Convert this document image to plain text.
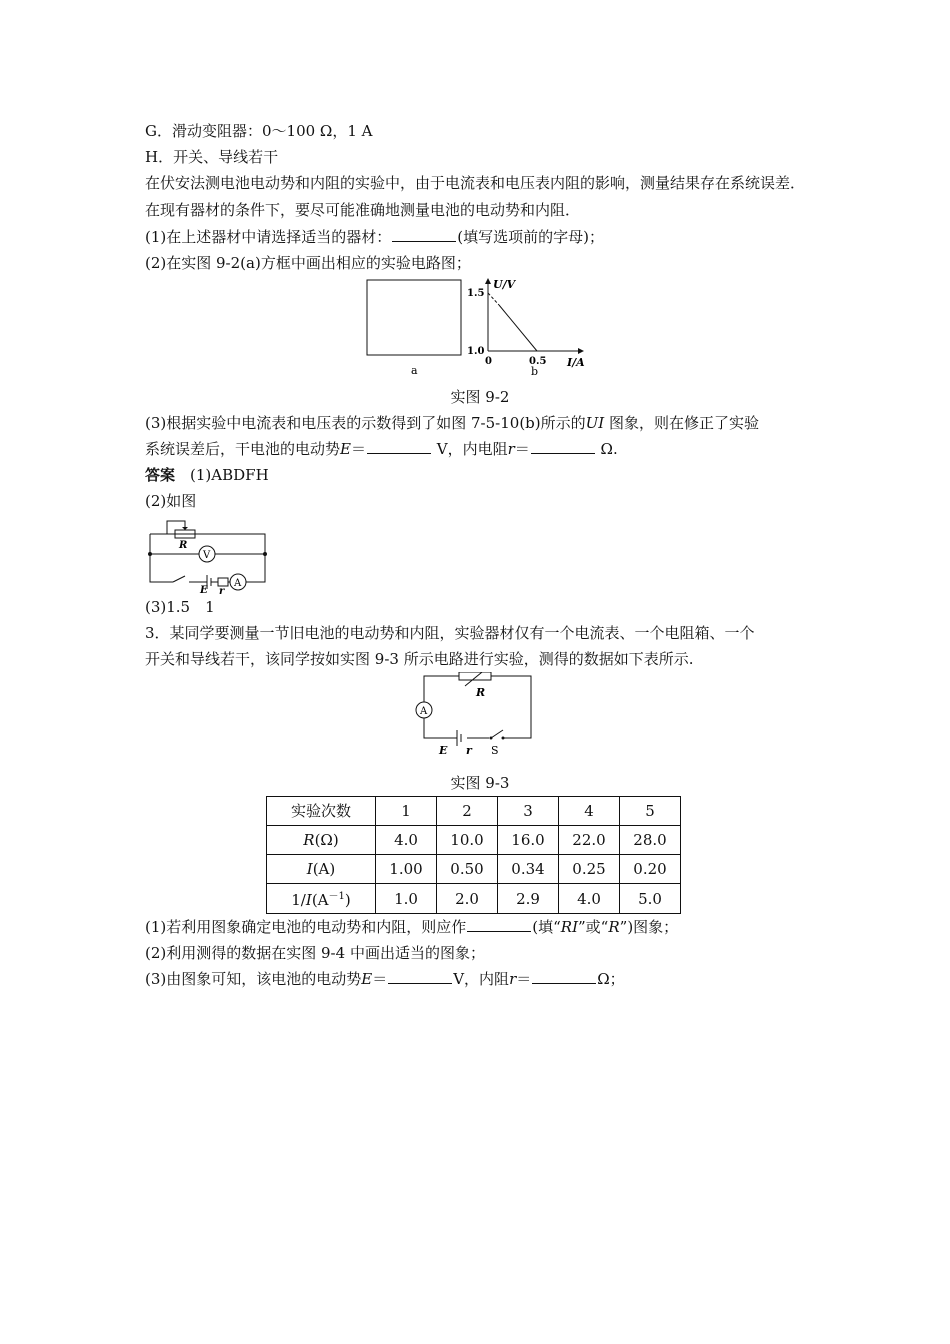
G．滑动变阻器：0～100 Ω，1 A
H．开关、导线若干
在伏安法测电池电动势和内阻的实验中，由于电流表和电压表内阻的影响，测量结果存在系统误差．在现有器材的条件下，要尽可能准确地测量电池的电动势和内阻．
(1)在上述器材中请选择适当的器材：	(填写选项前的字母)；
(2)在实图 9-2(a)方框中画出相应的实验电路图；
a
U/V
1.5
1.0
0	0.5 I/A
b
实图 9-2
(3)根据实验中电流表和电压表的示数得到了如图 7-5-10(b)所示的UI 图象，则在修正了实验
系统误差后，干电池的电动势E＝	V，内电阻r＝	Ω.
答案　 (1)ABDFH
(2)如图
R
V
A
E r
(3)1.5　1
3．某同学要测量一节旧电池的电动势和内阻，实验器材仅有一个电流表、一个电阻箱、一个
开关和导线若干，该同学按如实图 9-3 所示电路进行实验，测得的数据如下表所示.
R
A
E r S
实图 9-3
实验次数	1	2	3	4	5
R(Ω)	4.0	10.0	16.0	22.0	28.0
I(A)	1.00	0.50	0.34	0.25	0.20
$1/I(A^{-1})$	1.0	2.0	2.9	4.0	5.0
(1)若利用图象确定电池的电动势和内阻，则应作	(填“RI”或“R”)图象；
(2)利用测得的数据在实图 9-4 中画出适当的图象；
(3)由图象可知，该电池的电动势E＝	V，内阻r＝	Ω；
